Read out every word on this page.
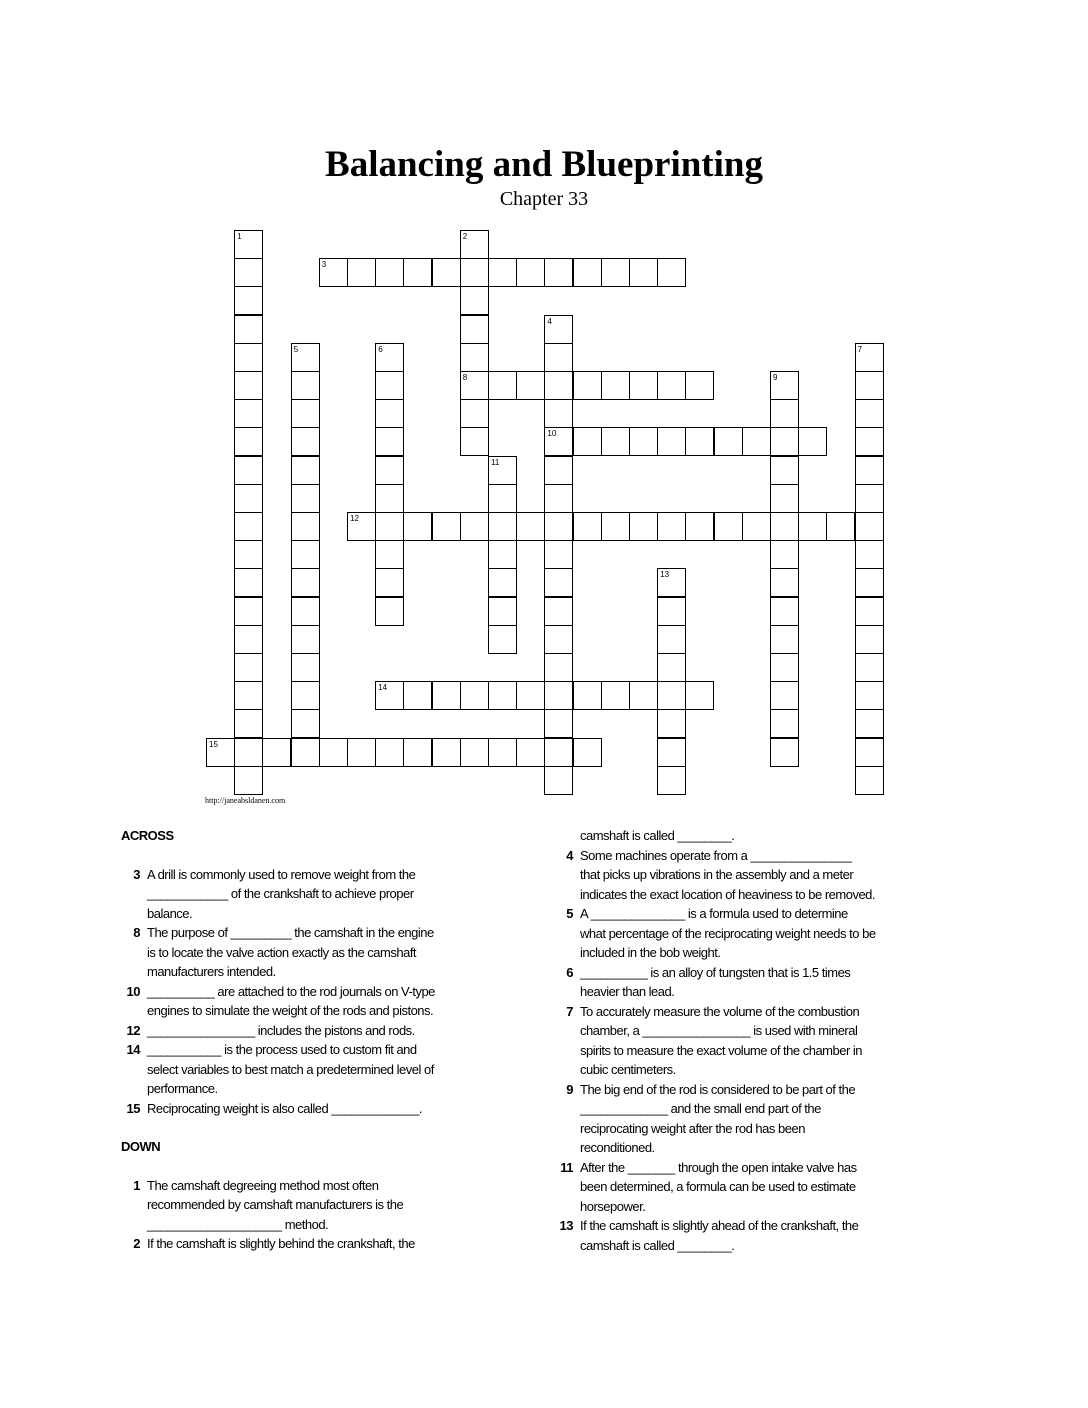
Balancing and Blueprinting
Chapter 33
1	2
8
3
4
10
5	6	7
9
11
12
13
14
15
http://janeabsldanen.com
ACROSS
3 A drill is commonly used to remove weight from the
____________ of the crankshaft to achieve proper
balance.
8 The purpose of _________ the camshaft in the engine
is to locate the valve action exactly as the camshaft
manufacturers intended.
10 __________ are attached to the rod journals on V-type
engines to simulate the weight of the rods and pistons.
12 ________________ includes the pistons and rods.
14 ___________ is the process used to custom fit and
select variables to best match a predetermined level of
performance.
15 Reciprocating weight is also called _____________.
DOWN
1 The camshaft degreeing method most often
recommended by camshaft manufacturers is the
____________________ method.
2 If the camshaft is slightly behind the crankshaft, the
camshaft is called ________.
4 Some machines operate from a _______________
that picks up vibrations in the assembly and a meter
indicates the exact location of heaviness to be removed.
5 A ______________ is a formula used to determine
what percentage of the reciprocating weight needs to be
included in the bob weight.
6 __________ is an alloy of tungsten that is 1.5 times
heavier than lead.
7 To accurately measure the volume of the combustion
chamber, a ________________ is used with mineral
spirits to measure the exact volume of the chamber in
cubic centimeters.
9 The big end of the rod is considered to be part of the
_____________ and the small end part of the
reciprocating weight after the rod has been
reconditioned.
11 After the _______ through the open intake valve has
been determined, a formula can be used to estimate
horsepower.
13 If the camshaft is slightly ahead of the crankshaft, the
camshaft is called ________.
